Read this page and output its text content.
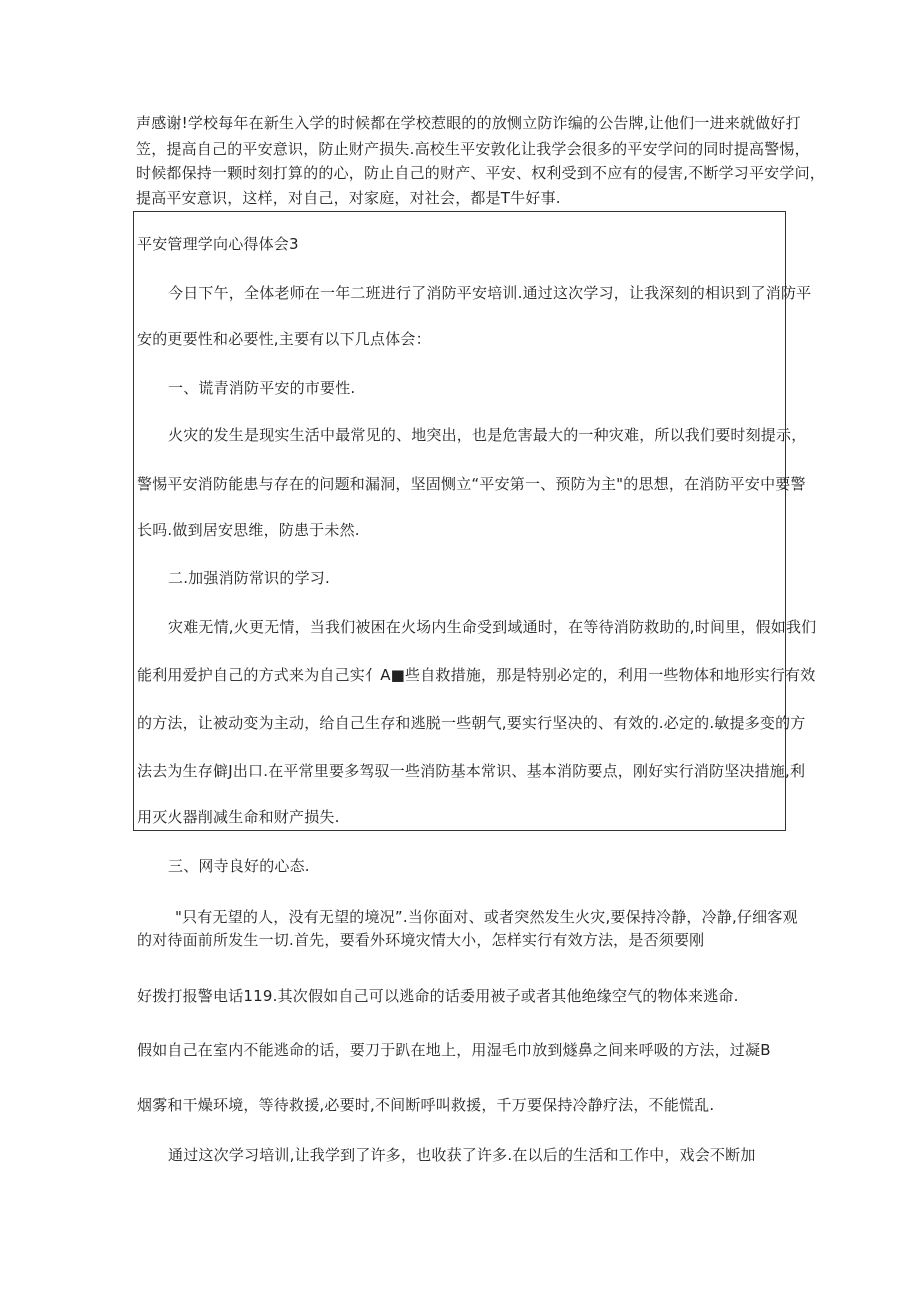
声感谢!学校每年在新生入学的时候都在学校惹眼的的放恻立防诈编的公告牌,让他们一进来就做好打
笠，提高自己的平安意识，防止财产损失.高校生平安敦化让我学会很多的平安学问的同时提高警惕，
时候都保持一颗时刻打算的的心，防止自己的财产、平安、权利受到不应有的侵害,不断学习平安学问，
提高平安意识，这样，对自己，对家庭，对社会，都是T牛好事.
平安管理学向心得体会3
今日下午，全体老师在一年二班进行了消防平安培训.通过这次学习，让我深刻的相识到了消防平
安的更要性和必要性,主要有以下几点体会：
一、谎青消防平安的市要性.
火灾的发生是现实生活中最常见的、地突出，也是危害最大的一种灾难，所以我们要时刻提示，
警惕平安消防能患与存在的问题和漏洞，坚固恻立“平安第一、预防为主"的思想，在消防平安中要警
长吗.做到居安思维，防患于未然.
二.加强消防常识的学习.
灾难无情,火更无情，当我们被困在火场内生命受到域通时，在等待消防救助的,时间里，假如我们
能利用爱护自己的方式来为自己实亻A■些自救措施，那是特别必定的，利用一些物体和地形实行有效
的方法，让被动变为主动，给自己生存和逃脱一些朝气,要实行坚决的、有效的.必定的.敏提多变的方
法去为生存僻J出口.在平常里要多驾驭一些消防基本常识、基本消防要点，刚好实行消防坚决措施,利
用灭火器削减生命和财产损失.
三、网寺良好的心态.
"只有无望的人，没有无望的境况”.当你面对、或者突然发生火灾,要保持冷静，冷静,仔细客观
的对待面前所发生一切.首先，要看外环境灾情大小，怎样实行有效方法，是否须要刚
好拨打报警电话119.其次假如自己可以逃命的话委用被子或者其他绝缘空气的物体来逃命.
假如自己在室内不能逃命的话，要刀于趴在地上，用湿毛巾放到燧鼻之间来呼吸的方法，过凝B
烟雾和干燥环境，等待救援,必要时,不间断呼叫救援，千万要保持冷静疗法，不能慌乱.
通过这次学习培训,让我学到了许多，也收获了许多.在以后的生活和工作中，戏会不断加
